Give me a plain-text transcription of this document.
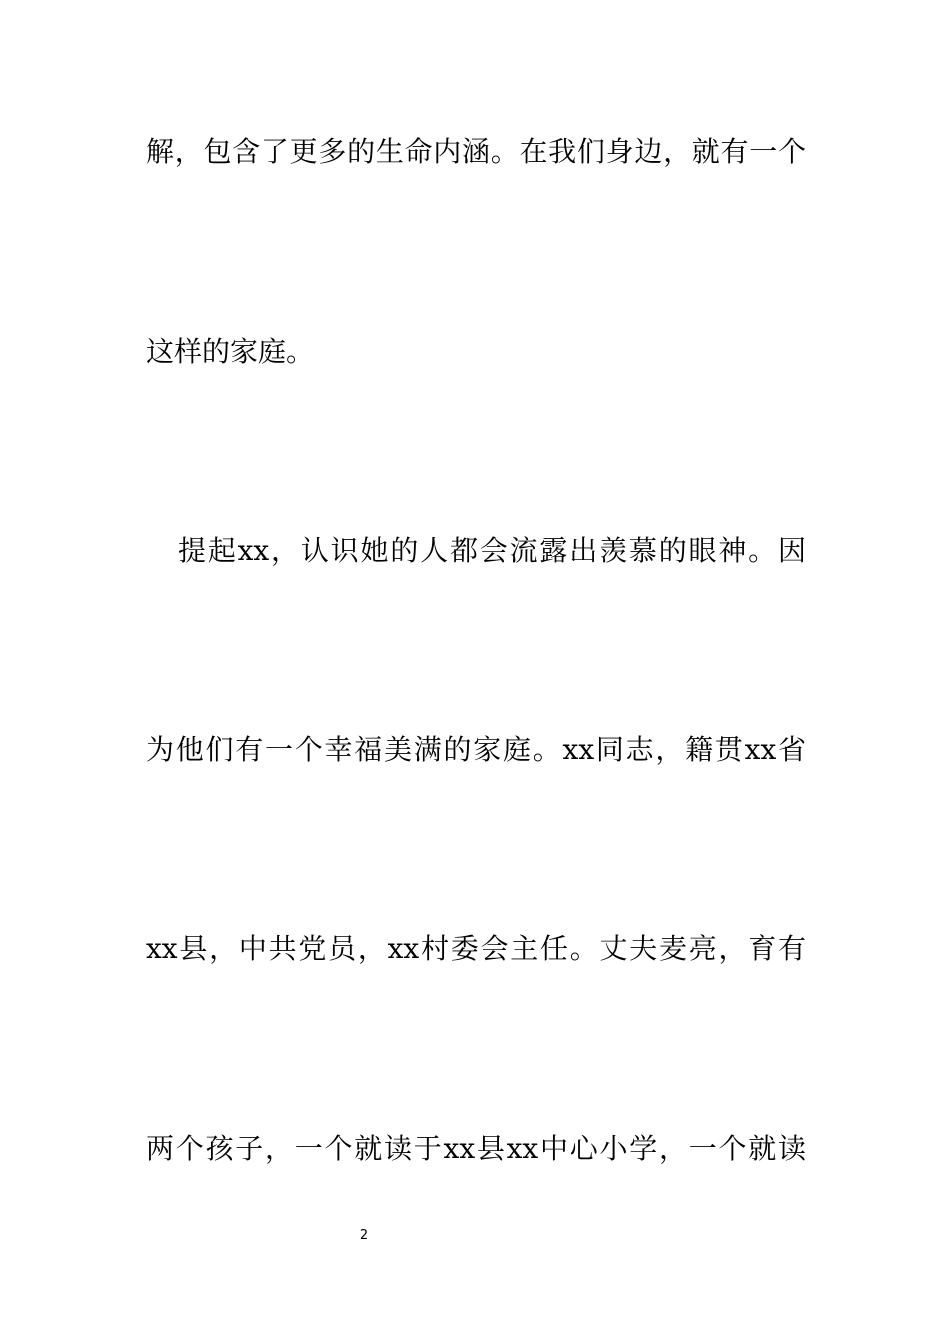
解，包含了更多的生命内涵。在我们身边，就有一个
这样的家庭。
提起xx，认识她的人都会流露出羡慕的眼神。因
为他们有一个幸福美满的家庭。xx同志，籍贯xx省
xx县，中共党员，xx村委会主任。丈夫麦亮，育有
两个孩子，一个就读于xx县xx中心小学，一个就读
2
